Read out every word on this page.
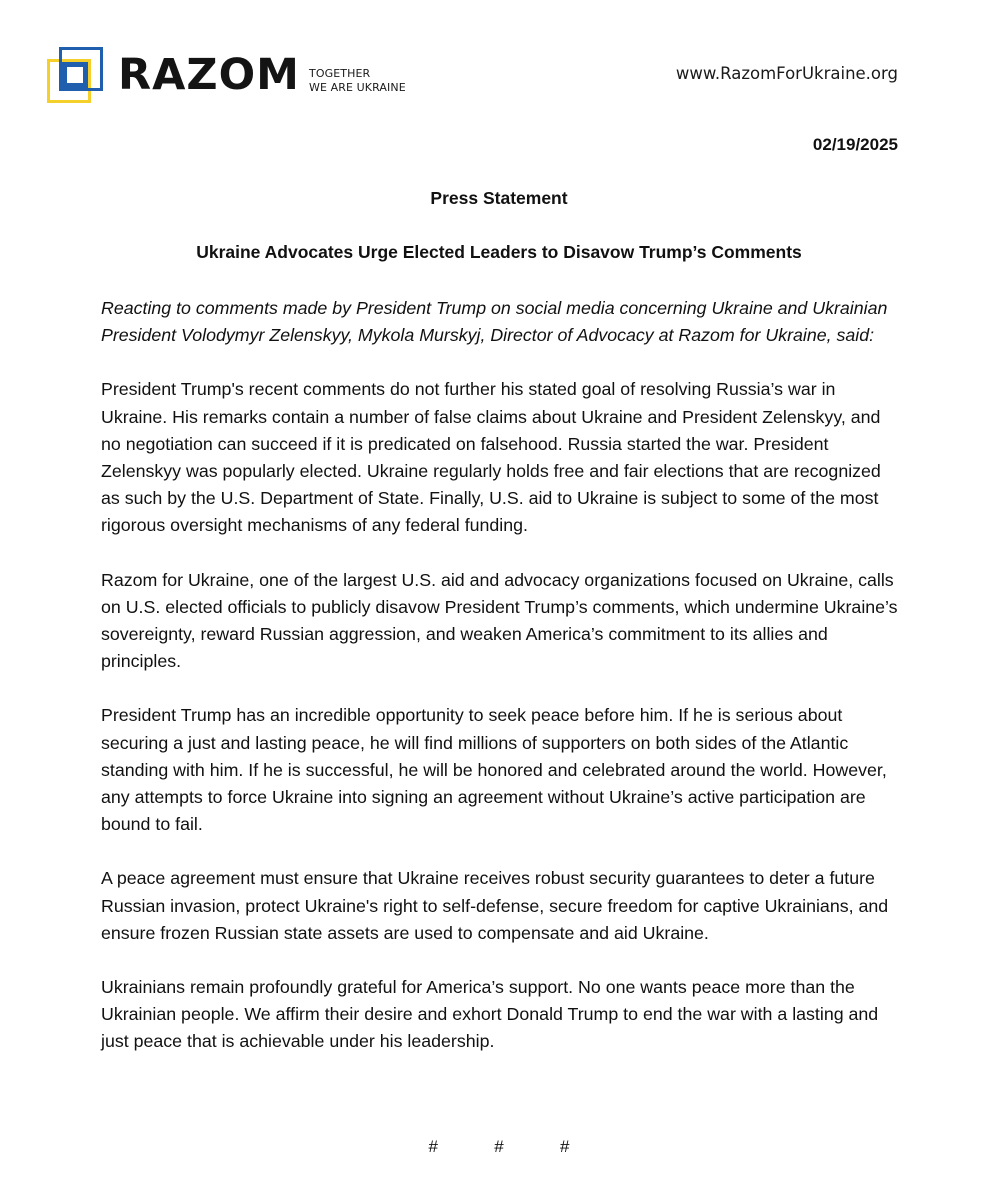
RAZOM TOGETHER
WE ARE UKRAINE
www.RazomForUkraine.org
02/19/2025
Press Statement
Ukraine Advocates Urge Elected Leaders to Disavow Trump’s Comments

Reacting to comments made by President Trump on social media concerning Ukraine and Ukrainian President Volodymyr Zelenskyy, Mykola Murskyj, Director of Advocacy at Razom for Ukraine, said:

President Trump's recent comments do not further his stated goal of resolving Russia’s war in Ukraine. His remarks contain a number of false claims about Ukraine and President Zelenskyy, and no negotiation can succeed if it is predicated on falsehood. Russia started the war. President Zelenskyy was popularly elected. Ukraine regularly holds free and fair elections that are recognized as such by the U.S. Department of State. Finally, U.S. aid to Ukraine is subject to some of the most rigorous oversight mechanisms of any federal funding.

Razom for Ukraine, one of the largest U.S. aid and advocacy organizations focused on Ukraine, calls on U.S. elected officials to publicly disavow President Trump’s comments, which undermine Ukraine’s sovereignty, reward Russian aggression, and weaken America’s commitment to its allies and principles.

President Trump has an incredible opportunity to seek peace before him. If he is serious about securing a just and lasting peace, he will find millions of supporters on both sides of the Atlantic standing with him. If he is successful, he will be honored and celebrated around the world. However, any attempts to force Ukraine into signing an agreement without Ukraine’s active participation are bound to fail.

A peace agreement must ensure that Ukraine receives robust security guarantees to deter a future Russian invasion, protect Ukraine's right to self-defense, secure freedom for captive Ukrainians, and ensure frozen Russian state assets are used to compensate and aid Ukraine.

Ukrainians remain profoundly grateful for America’s support. No one wants peace more than the Ukrainian people. We affirm their desire and exhort Donald Trump to end the war with a lasting and just peace that is achievable under his leadership.

#	#	#
